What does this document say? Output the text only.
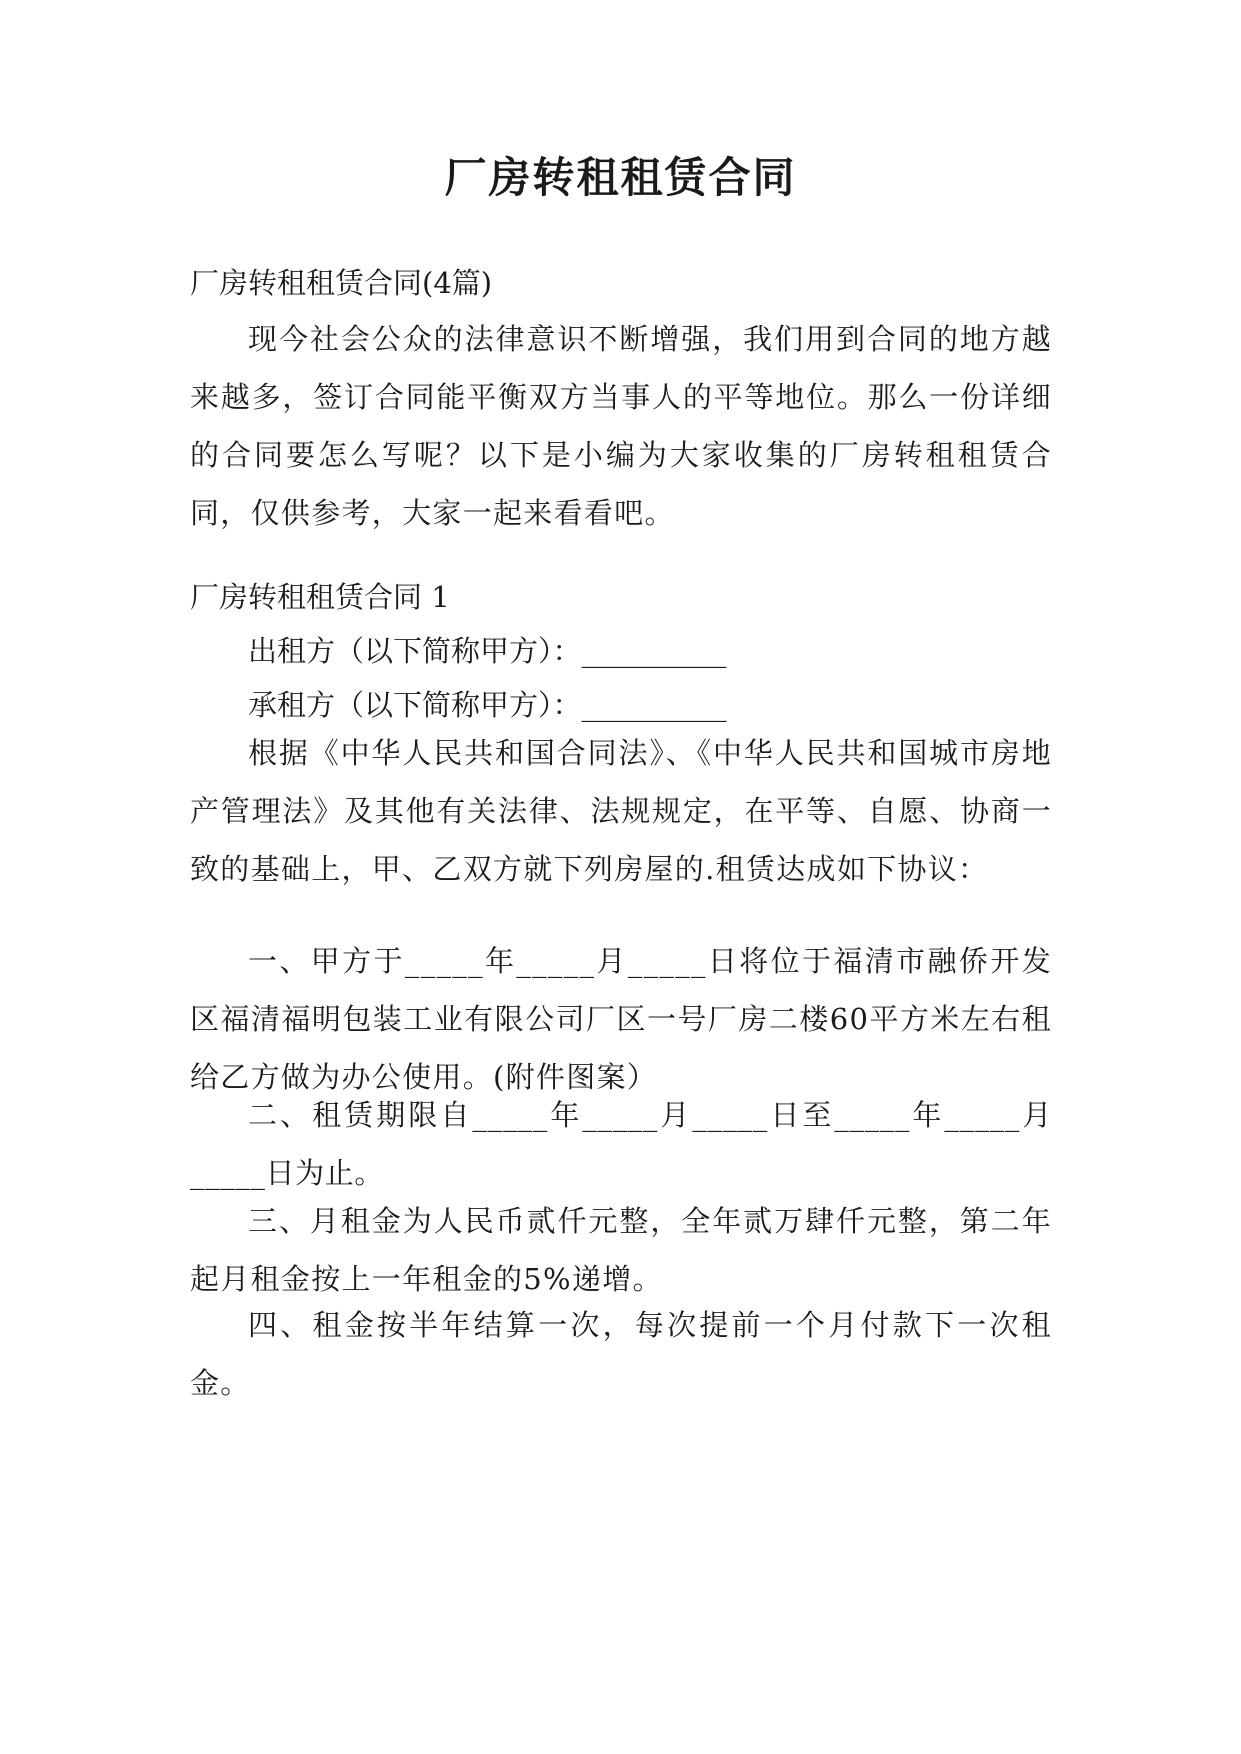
厂房转租租赁合同
厂房转租租赁合同(4篇)
现今社会公众的法律意识不断增强，我们用到合同的地方越来越多，签订合同能平衡双方当事人的平等地位。那么一份详细的合同要怎么写呢？以下是小编为大家收集的厂房转租租赁合同，仅供参考，大家一起来看看吧。
厂房转租租赁合同 1
出租方（以下简称甲方）：__________
承租方（以下简称甲方）：__________
根据《中华人民共和国合同法》、《中华人民共和国城市房地产管理法》及其他有关法律、法规规定，在平等、自愿、协商一致的基础上，甲、乙双方就下列房屋的.租赁达成如下协议：
一、甲方于_____年_____月_____日将位于福清市融侨开发区福清福明包装工业有限公司厂区一号厂房二楼60平方米左右租给乙方做为办公使用。(附件图案）
二、租赁期限自_____年_____月_____日至_____年_____月_____日为止。
三、月租金为人民币贰仟元整，全年贰万肆仟元整，第二年起月租金按上一年租金的5%递增。
四、租金按半年结算一次，每次提前一个月付款下一次租金。
